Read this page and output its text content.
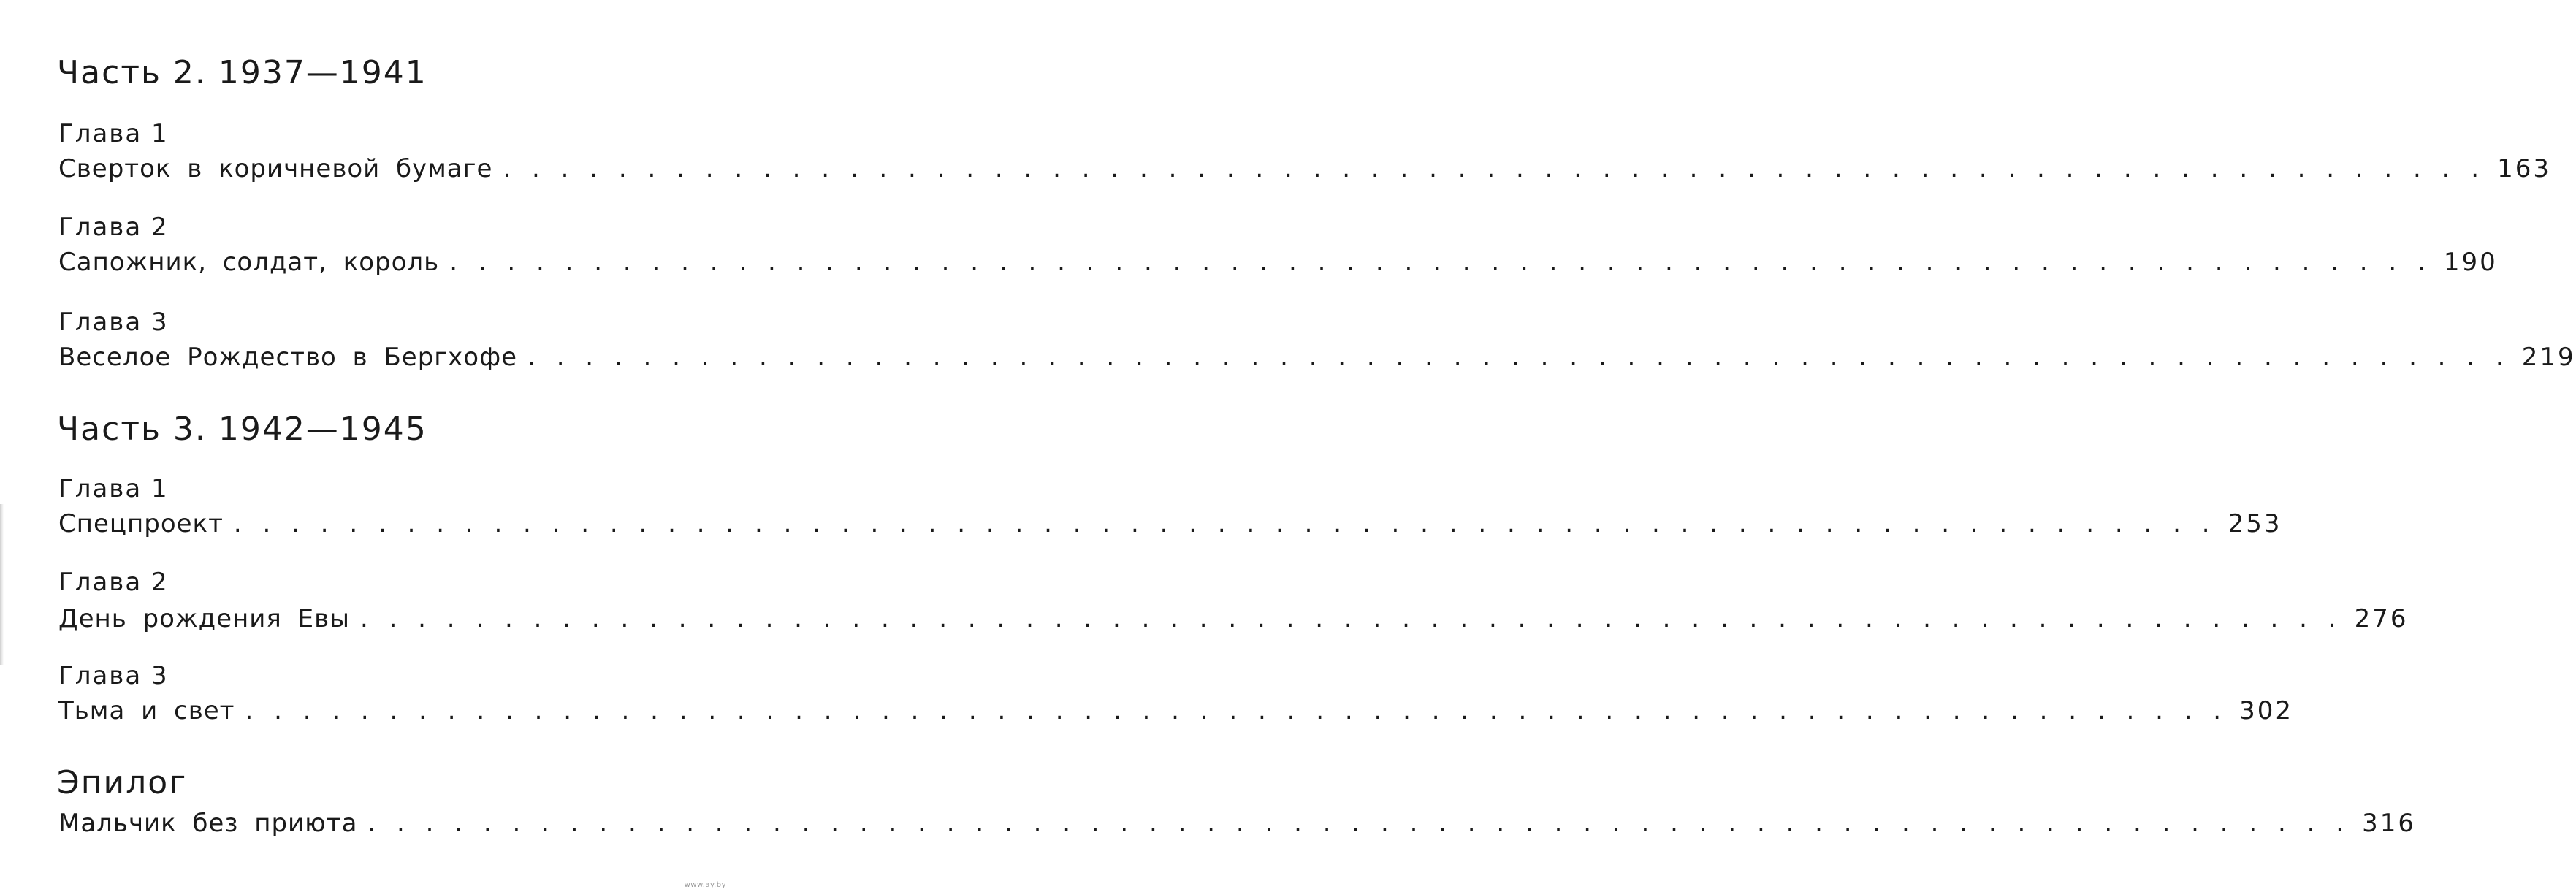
Часть 2. 1937—1941
Глава 1
Сверток в коричневой бумаге . . . . . . . . . . . . . . . . . . . . . . . . . . . . . . . . . . . . . . . . . . . . . . . . . . . . . . . . . . . . . . . . . . . . . 163
Глава 2
Сапожник, солдат, король . . . . . . . . . . . . . . . . . . . . . . . . . . . . . . . . . . . . . . . . . . . . . . . . . . . . . . . . . . . . . . . . . . . . . 190
Глава 3
Веселое Рождество в Бергхофе . . . . . . . . . . . . . . . . . . . . . . . . . . . . . . . . . . . . . . . . . . . . . . . . . . . . . . . . . . . . . . . . . . . . . 219
Часть 3. 1942—1945
Глава 1
Спецпроект . . . . . . . . . . . . . . . . . . . . . . . . . . . . . . . . . . . . . . . . . . . . . . . . . . . . . . . . . . . . . . . . . . . . . 253
Глава 2
День рождения Евы . . . . . . . . . . . . . . . . . . . . . . . . . . . . . . . . . . . . . . . . . . . . . . . . . . . . . . . . . . . . . . . . . . . . . 276
Глава 3
Тьма и свет . . . . . . . . . . . . . . . . . . . . . . . . . . . . . . . . . . . . . . . . . . . . . . . . . . . . . . . . . . . . . . . . . . . . . 302
Эпилог
Мальчик без приюта . . . . . . . . . . . . . . . . . . . . . . . . . . . . . . . . . . . . . . . . . . . . . . . . . . . . . . . . . . . . . . . . . . . . . 316
www.ay.by
